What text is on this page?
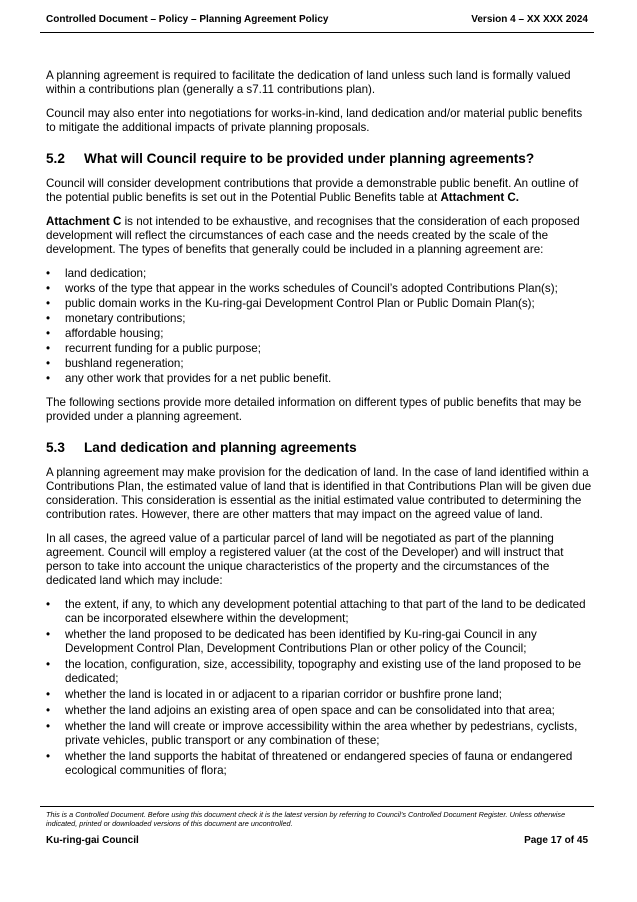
Controlled Document – Policy – Planning Agreement Policy	Version 4 – XX XXX 2024

A planning agreement is required to facilitate the dedication of land unless such land is formally valued within a contributions plan (generally a s7.11 contributions plan).

Council may also enter into negotiations for works-in-kind, land dedication and/or material public benefits to mitigate the additional impacts of private planning proposals.

5.2 What will Council require to be provided under planning agreements?

Council will consider development contributions that provide a demonstrable public benefit. An outline of the potential public benefits is set out in the Potential Public Benefits table at Attachment C.

Attachment C is not intended to be exhaustive, and recognises that the consideration of each proposed development will reflect the circumstances of each case and the needs created by the scale of the development. The types of benefits that generally could be included in a planning agreement are:

• land dedication;
• works of the type that appear in the works schedules of Council’s adopted Contributions Plan(s);
• public domain works in the Ku-ring-gai Development Control Plan or Public Domain Plan(s);
• monetary contributions;
• affordable housing;
• recurrent funding for a public purpose;
• bushland regeneration;
• any other work that provides for a net public benefit.

The following sections provide more detailed information on different types of public benefits that may be provided under a planning agreement.

5.3 Land dedication and planning agreements

A planning agreement may make provision for the dedication of land. In the case of land identified within a Contributions Plan, the estimated value of land that is identified in that Contributions Plan will be given due consideration. This consideration is essential as the initial estimated value contributed to determining the contribution rates. However, there are other matters that may impact on the agreed value of land.

In all cases, the agreed value of a particular parcel of land will be negotiated as part of the planning agreement. Council will employ a registered valuer (at the cost of the Developer) and will instruct that person to take into account the unique characteristics of the property and the circumstances of the dedicated land which may include:

• the extent, if any, to which any development potential attaching to that part of the land to be dedicated can be incorporated elsewhere within the development;
• whether the land proposed to be dedicated has been identified by Ku-ring-gai Council in any Development Control Plan, Development Contributions Plan or other policy of the Council;
• the location, configuration, size, accessibility, topography and existing use of the land proposed to be dedicated;
• whether the land is located in or adjacent to a riparian corridor or bushfire prone land;
• whether the land adjoins an existing area of open space and can be consolidated into that area;
• whether the land will create or improve accessibility within the area whether by pedestrians, cyclists, private vehicles, public transport or any combination of these;
• whether the land supports the habitat of threatened or endangered species of fauna or endangered ecological communities of flora;
This is a Controlled Document. Before using this document check it is the latest version by referring to Council’s Controlled Document Register. Unless otherwise indicated, printed or downloaded versions of this document are uncontrolled.
Ku-ring-gai Council	Page 17 of 45
